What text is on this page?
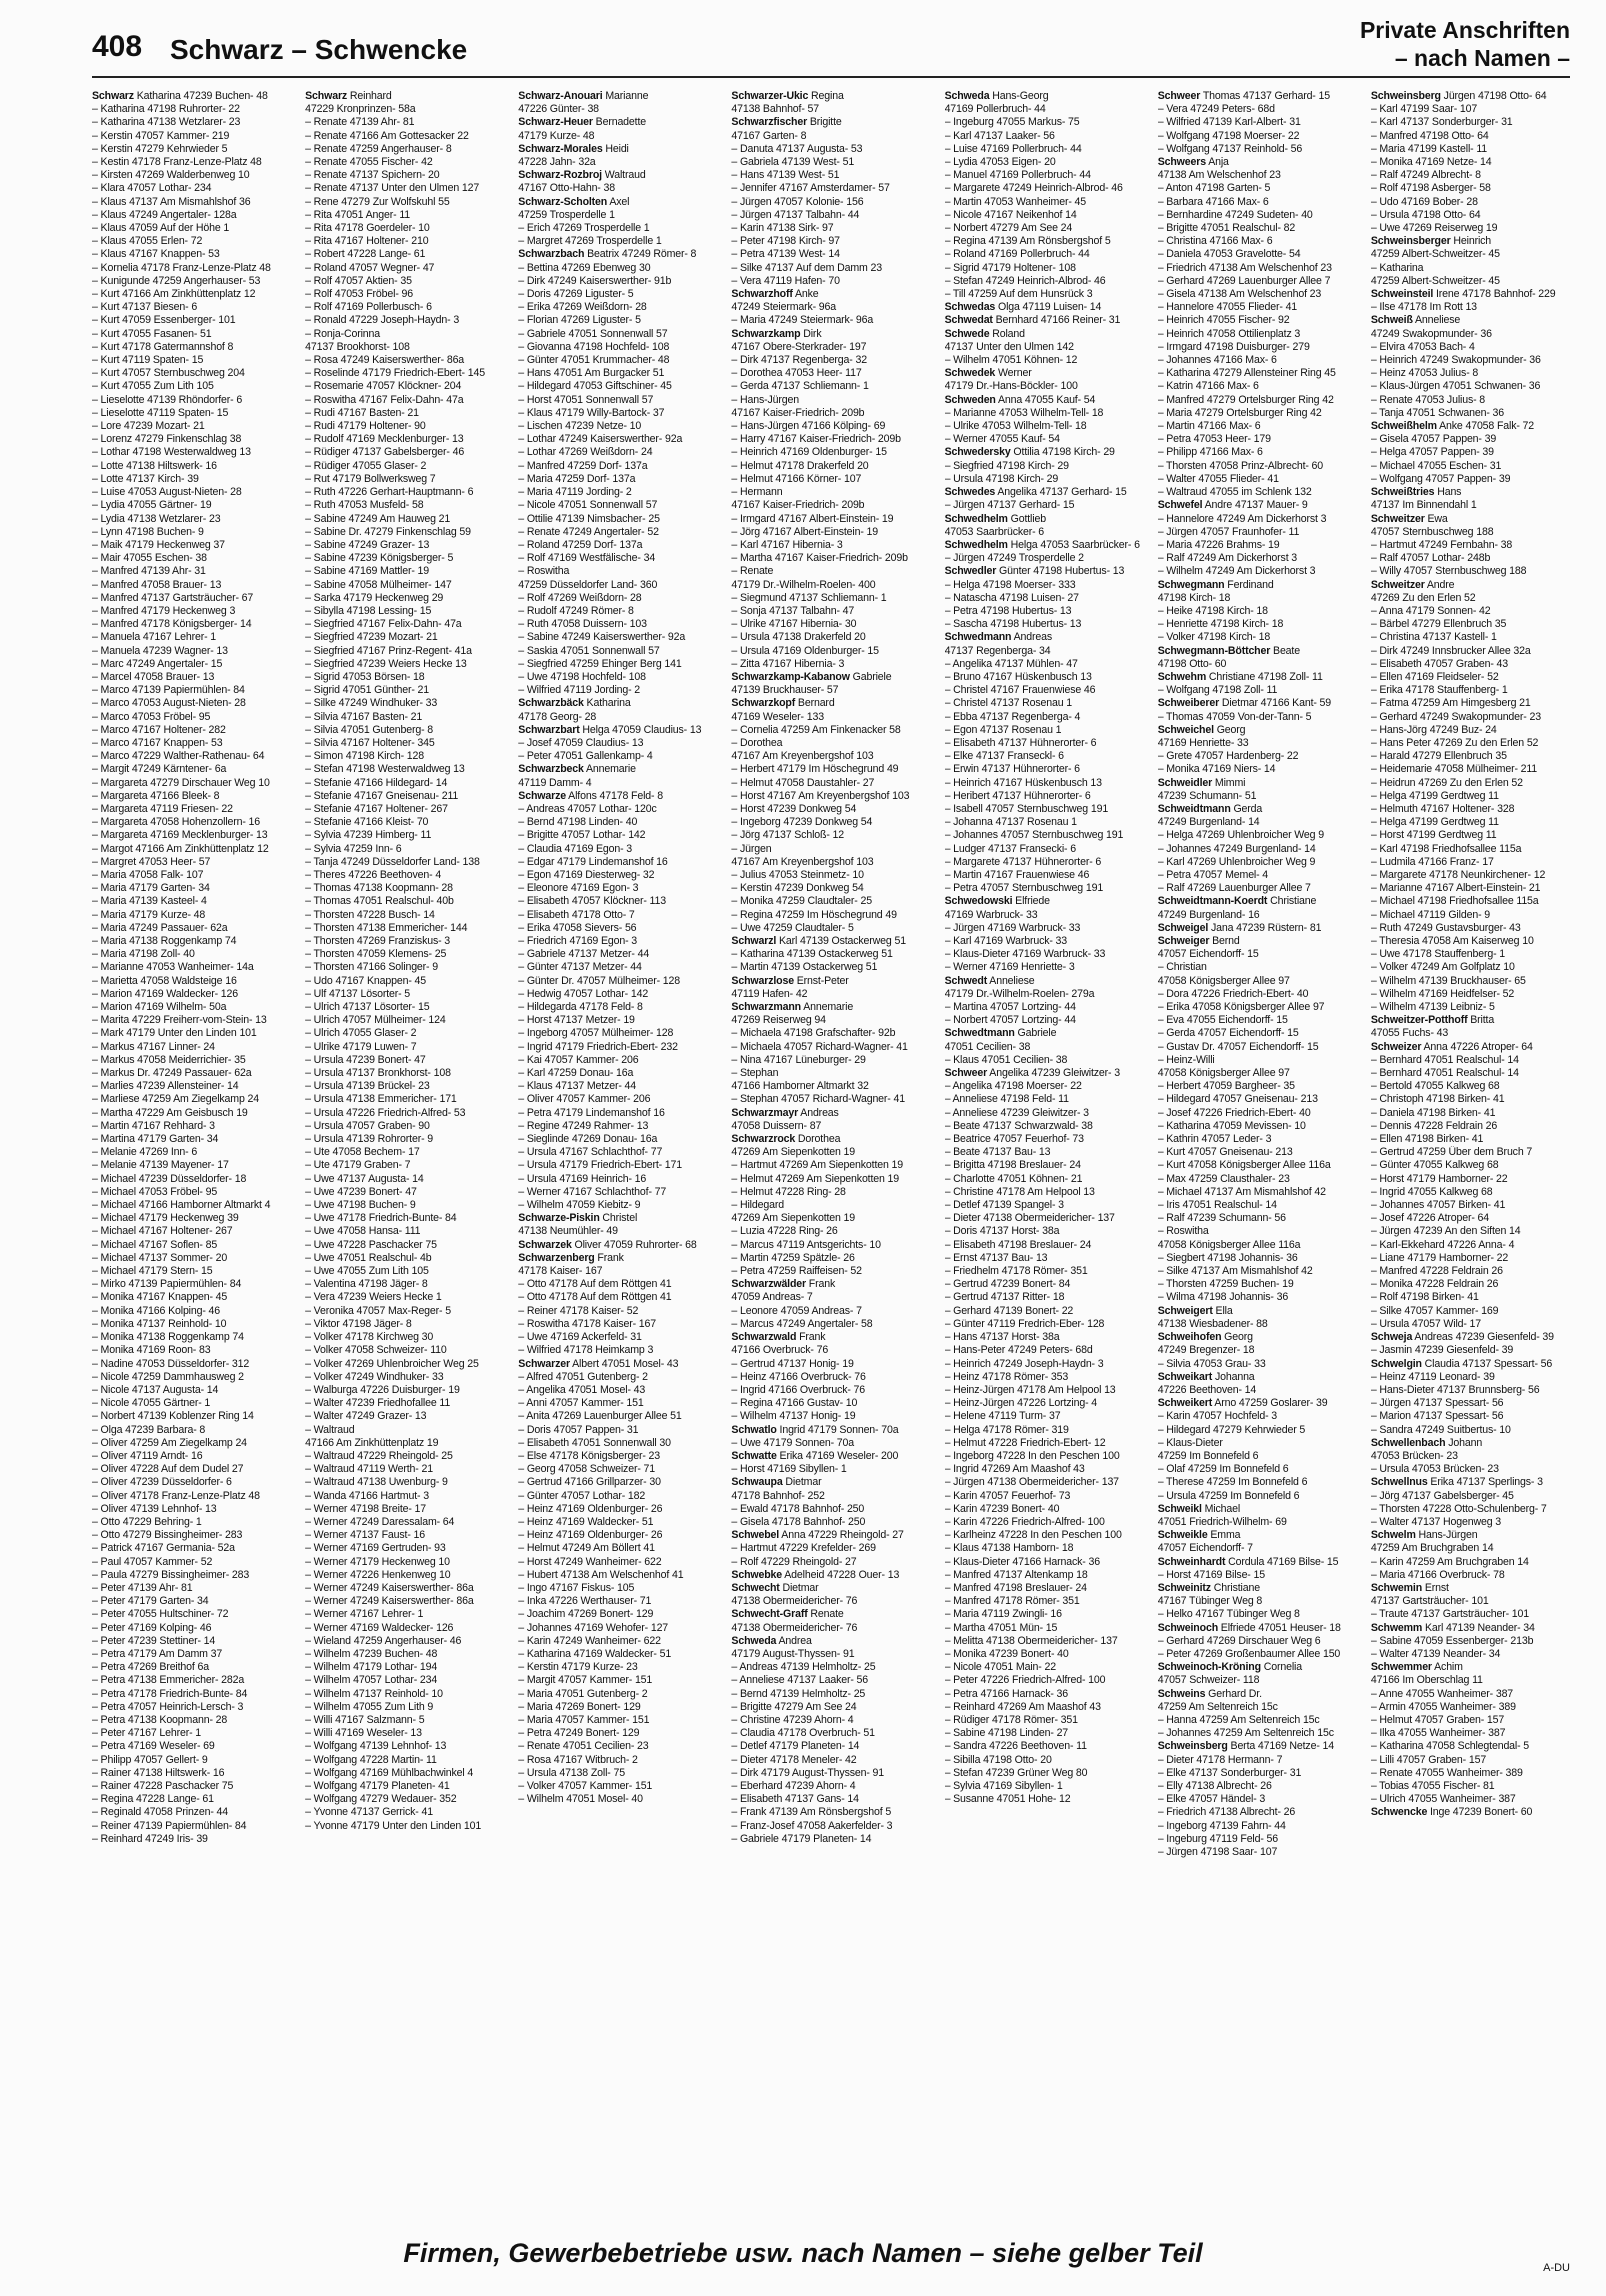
408 Schwarz – Schwencke
Private Anschriften
– nach Namen –
Schwarz Katharina 47239 Buchen- 48
– Katharina 47198 Ruhrorter- 22
– Katharina 47138 Wetzlarer- 23
– Kerstin 47057 Kammer- 219
– Kerstin 47279 Kehrwieder 5
– Kestin 47178 Franz-Lenze-Platz 48
– Kirsten 47269 Walderbenweg 10
– Klara 47057 Lothar- 234
– Klaus 47137 Am Mismahlshof 36
– Klaus 47249 Angertaler- 128a
– Klaus 47059 Auf der Höhe 1
– Klaus 47055 Erlen- 72
– Klaus 47167 Knappen- 53
– Kornelia 47178 Franz-Lenze-Platz 48
– Kunigunde 47259 Angerhauser- 53
– Kurt 47166 Am Zinkhüttenplatz 12
– Kurt 47137 Biesen- 6
– Kurt 47059 Essenberger- 101
– Kurt 47055 Fasanen- 51
– Kurt 47178 Gatermannshof 8
– Kurt 47119 Spaten- 15
– Kurt 47057 Sternbuschweg 204
– Kurt 47055 Zum Lith 105
– Lieselotte 47139 Rhöndorfer- 6
– Lieselotte 47119 Spaten- 15
– Lore 47239 Mozart- 21
– Lorenz 47279 Finkenschlag 38
– Lothar 47198 Westerwaldweg 13
– Lotte 47138 Hiltswerk- 16
– Lotte 47137 Kirch- 39
– Luise 47053 August-Nieten- 28
– Lydia 47055 Gärtner- 19
– Lydia 47138 Wetzlarer- 23
– Lynn 47198 Buchen- 9
– Maik 47179 Heckenweg 37
– Mair 47055 Eschen- 38
– Manfred 47139 Ahr- 31
– Manfred 47058 Brauer- 13
– Manfred 47137 Gartsträucher- 67
– Manfred 47179 Heckenweg 3
– Manfred 47178 Königsberger- 14
– Manuela 47167 Lehrer- 1
– Manuela 47239 Wagner- 13
– Marc 47249 Angertaler- 15
– Marcel 47058 Brauer- 13
– Marco 47139 Papiermühlen- 84
– Marco 47053 August-Nieten- 28
– Marco 47053 Fröbel- 95
– Marco 47167 Holtener- 282
– Marco 47167 Knappen- 53
– Marco 47229 Walther-Rathenau- 64
– Margit 47249 Kärntener- 6a
– Margareta 47279 Dirschauer Weg 10
– Margareta 47166 Bleek- 8
– Margareta 47119 Friesen- 22
– Margareta 47058 Hohenzollern- 16
– Margareta 47169 Mecklenburger- 13
– Margot 47166 Am Zinkhüttenplatz 12
– Margret 47053 Heer- 57
– Maria 47058 Falk- 107
– Maria 47179 Garten- 34
– Maria 47139 Kasteel- 4
– Maria 47179 Kurze- 48
– Maria 47249 Passauer- 62a
– Maria 47138 Roggenkamp 74
– Maria 47198 Zoll- 40
– Marianne 47053 Wanheimer- 14a
– Marietta 47058 Waldsteige 16
– Marion 47169 Waldecker- 126
– Marion 47169 Wilhelm- 50a
– Marita 47229 Freiherr-vom-Stein- 13
– Mark 47179 Unter den Linden 101
– Markus 47167 Linner- 24
– Markus 47058 Meiderrichier- 35
– Markus Dr. 47249 Passauer- 62a
– Marlies 47239 Allensteiner- 14
– Marliese 47259 Am Ziegelkamp 24
– Martha 47229 Am Geisbusch 19
– Martin 47167 Rehhard- 3
– Martina 47179 Garten- 34
– Melanie 47269 Inn- 6
– Melanie 47139 Mayener- 17
– Michael 47239 Düsseldorfer- 18
– Michael 47053 Fröbel- 95
– Michael 47166 Hamborner Altmarkt 4
– Michael 47179 Heckenweg 39
– Michael 47167 Holtener- 267
– Michael 47167 Soflen- 85
– Michael 47137 Sommer- 20
– Michael 47179 Stern- 15
– Mirko 47139 Papiermühlen- 84
– Monika 47167 Knappen- 45
– Monika 47166 Kolping- 46
– Monika 47137 Reinhold- 10
– Monika 47138 Roggenkamp 74
– Monika 47169 Roon- 83
– Nadine 47053 Düsseldorfer- 312
– Nicole 47259 Dammhausweg 2
– Nicole 47137 Augusta- 14
– Nicole 47055 Gärtner- 1
– Norbert 47139 Koblenzer Ring 14
– Olga 47239 Barbara- 8
– Oliver 47259 Am Ziegelkamp 24
– Oliver 47119 Arndt- 16
– Oliver 47228 Auf dem Dudel 27
– Oliver 47239 Düsseldorfer- 6
– Oliver 47178 Franz-Lenze-Platz 48
– Oliver 47139 Lehnhof- 13
– Otto 47229 Behring- 1
– Otto 47279 Bissingheimer- 283
– Patrick 47167 Germania- 52a
– Paul 47057 Kammer- 52
– Paula 47279 Bissingheimer- 283
– Peter 47139 Ahr- 81
– Peter 47179 Garten- 34
– Peter 47055 Hultschiner- 72
– Peter 47169 Kolping- 46
– Peter 47239 Stettiner- 14
– Petra 47179 Am Damm 37
– Petra 47269 Breithof 6a
– Petra 47138 Emmericher- 282a
– Petra 47178 Friedrich-Bunte- 84
– Petra 47057 Heinrich-Lersch- 3
– Petra 47138 Koopmann- 28
– Peter 47167 Lehrer- 1
– Petra 47169 Weseler- 69
– Philipp 47057 Gellert- 9
– Rainer 47138 Hiltswerk- 16
– Rainer 47228 Paschacker 75
– Regina 47228 Lange- 61
– Reginald 47058 Prinzen- 44
– Reiner 47139 Papiermühlen- 84
– Reinhard 47249 Iris- 39
Schwarz Reinhard
47229 Kronprinzen- 58a
– Renate 47139 Ahr- 81
– Renate 47166 Am Gottesacker 22
– Renate 47259 Angerhauser- 8
– Renate 47055 Fischer- 42
– Renate 47137 Spichern- 20
– Renate 47137 Unter den Ulmen 127
– Rene 47279 Zur Wolfskuhl 55
– Rita 47051 Anger- 11
– Rita 47178 Goerdeler- 10
– Rita 47167 Holtener- 210
– Robert 47228 Lange- 61
– Roland 47057 Wegner- 47
– Rolf 47057 Aktien- 35
– Rolf 47053 Fröbel- 96
– Rolf 47169 Pollerbusch- 6
– Ronald 47229 Joseph-Haydn- 3
– Ronja-Corinna
47137 Brookhorst- 108
– Rosa 47249 Kaiserswerther- 86a
– Roselinde 47179 Friedrich-Ebert- 145
– Rosemarie 47057 Klöckner- 204
– Roswitha 47167 Felix-Dahn- 47a
– Rudi 47167 Basten- 21
– Rudi 47179 Holtener- 90
– Rudolf 47169 Mecklenburger- 13
– Rüdiger 47137 Gabelsberger- 46
– Rüdiger 47055 Glaser- 2
– Rut 47179 Bollwerksweg 7
– Ruth 47226 Gerhart-Hauptmann- 6
– Ruth 47053 Musfeld- 58
– Sabine 47249 Am Hauweg 21
– Sabine Dr. 47279 Finkenschlag 59
– Sabine 47249 Grazer- 13
– Sabine 47239 Königsberger- 5
– Sabine 47169 Mattler- 19
– Sabine 47058 Mülheimer- 147
– Sarka 47179 Heckenweg 29
– Sibylla 47198 Lessing- 15
– Siegfried 47167 Felix-Dahn- 47a
– Siegfried 47239 Mozart- 21
– Siegfried 47167 Prinz-Regent- 41a
– Siegfried 47239 Weiers Hecke 13
– Sigrid 47053 Börsen- 18
– Sigrid 47051 Günther- 21
– Silke 47249 Windhuker- 33
– Silvia 47167 Basten- 21
– Silvia 47051 Gutenberg- 8
– Silvia 47167 Holtener- 345
– Simon 47198 Kirch- 128
– Stefan 47198 Westerwaldweg 13
– Stefanie 47166 Hildegard- 14
– Stefanie 47167 Gneisenau- 211
– Stefanie 47167 Holtener- 267
– Stefanie 47166 Kleist- 70
– Sylvia 47239 Himberg- 11
– Sylvia 47259 Inn- 6
– Tanja 47249 Düsseldorfer Land- 138
– Theres 47226 Beethoven- 4
– Thomas 47138 Koopmann- 28
– Thomas 47051 Realschul- 40b
– Thorsten 47228 Busch- 14
– Thorsten 47138 Emmericher- 144
– Thorsten 47269 Franziskus- 3
– Thorsten 47059 Klemens- 25
– Thorsten 47166 Solinger- 9
– Udo 47167 Knappen- 45
– Ulf 47137 Lösorter- 5
– Ulrich 47137 Lösorter- 15
– Ulrich 47057 Mülheimer- 124
– Ulrich 47055 Glaser- 2
– Ulrike 47179 Luwen- 7
– Ursula 47239 Bonert- 47
– Ursula 47137 Bronkhorst- 108
– Ursula 47139 Brückel- 23
– Ursula 47138 Emmericher- 171
– Ursula 47226 Friedrich-Alfred- 53
– Ursula 47057 Graben- 90
– Ursula 47139 Rohrorter- 9
– Ute 47058 Bechem- 17
– Ute 47179 Graben- 7
– Uwe 47137 Augusta- 14
– Uwe 47239 Bonert- 47
– Uwe 47198 Buchen- 9
– Uwe 47178 Friedrich-Bunte- 84
– Uwe 47058 Hansa- 111
– Uwe 47228 Paschacker 75
– Uwe 47051 Realschul- 4b
– Uwe 47055 Zum Lith 105
– Valentina 47198 Jäger- 8
– Vera 47239 Weiers Hecke 1
– Veronika 47057 Max-Reger- 5
– Viktor 47198 Jäger- 8
– Volker 47178 Kirchweg 30
– Volker 47058 Schweizer- 110
– Volker 47269 Uhlenbroicher Weg 25
– Volker 47249 Windhuker- 33
– Walburga 47226 Duisburger- 19
– Walter 47239 Friedhofallee 11
– Walter 47249 Grazer- 13
– Waltraud
47166 Am Zinkhüttenplatz 19
– Waltraud 47229 Rheingold- 25
– Waltraud 47119 Werth- 21
– Waltraud 47138 Uwenburg- 9
– Wanda 47166 Hartmut- 3
– Werner 47198 Breite- 17
– Werner 47249 Daressalam- 64
– Werner 47137 Faust- 16
– Werner 47169 Gertruden- 93
– Werner 47179 Heckenweg 10
– Werner 47226 Henkenweg 10
– Werner 47249 Kaiserswerther- 86a
– Werner 47249 Kaiserswerther- 86a
– Werner 47167 Lehrer- 1
– Werner 47169 Waldecker- 126
– Wieland 47259 Angerhauser- 46
– Wilhelm 47239 Buchen- 48
– Wilhelm 47179 Lothar- 194
– Wilhelm 47057 Lothar- 234
– Wilhelm 47137 Reinhold- 10
– Wilhelm 47055 Zum Lith 9
– Willi 47167 Salzmann- 5
– Willi 47169 Weseler- 13
– Wolfgang 47139 Lehnhof- 13
– Wolfgang 47228 Martin- 11
– Wolfgang 47169 Mühlbachwinkel 4
– Wolfgang 47179 Planeten- 41
– Wolfgang 47279 Wedauer- 352
– Yvonne 47137 Gerrick- 41
– Yvonne 47179 Unter den Linden 101
Schwarz-Anouari Marianne
47226 Günter- 38
Schwarz-Heuer Bernadette
47179 Kurze- 48
Schwarz-Morales Heidi
47228 Jahn- 32a
Schwarz-Rozbroj Waltraud
47167 Otto-Hahn- 38
Schwarz-Scholten Axel
47259 Trosperdelle 1
– Erich 47269 Trosperdelle 1
– Margret 47269 Trosperdelle 1
Schwarzbach Beatrix 47249 Römer- 8
– Bettina 47269 Ebenweg 30
– Dirk 47249 Kaiserswerther- 91b
– Doris 47269 Liguster- 5
– Erika 47269 Weißdorn- 28
– Florian 47269 Liguster- 5
– Gabriele 47051 Sonnenwall 57
– Giovanna 47198 Hochfeld- 108
– Günter 47051 Krummacher- 48
– Hans 47051 Am Burgacker 51
– Hildegard 47053 Giftschiner- 45
– Horst 47051 Sonnenwall 57
– Klaus 47179 Willy-Bartock- 37
– Lischen 47239 Netze- 10
– Lothar 47249 Kaiserswerther- 92a
– Lothar 47269 Weißdorn- 24
– Manfred 47259 Dorf- 137a
– Maria 47259 Dorf- 137a
– Maria 47119 Jording- 2
– Nicole 47051 Sonnenwall 57
– Ottilie 47139 Nimsbacher- 25
– Renate 47249 Angertaler- 52
– Roland 47259 Dorf- 137a
– Rolf 47169 Westfälische- 34
– Roswitha
47259 Düsseldorfer Land- 360
– Rolf 47269 Weißdorn- 28
– Rudolf 47249 Römer- 8
– Ruth 47058 Duissern- 103
– Sabine 47249 Kaiserswerther- 92a
– Saskia 47051 Sonnenwall 57
– Siegfried 47259 Ehinger Berg 141
– Uwe 47198 Hochfeld- 108
– Wilfried 47119 Jording- 2
Schwarzbäck Katharina
47178 Georg- 28
Schwarzbart Helga 47059 Claudius- 13
– Josef 47059 Claudius- 13
– Peter 47051 Gallenkamp- 4
Schwarzbeck Annemarie
47119 Damm- 4
Schwarze Alfons 47178 Feld- 8
– Andreas 47057 Lothar- 120c
– Bernd 47198 Linden- 40
– Brigitte 47057 Lothar- 142
– Claudia 47169 Egon- 3
– Edgar 47179 Lindemanshof 16
– Egon 47169 Diesterweg- 32
– Eleonore 47169 Egon- 3
– Elisabeth 47057 Klöckner- 113
– Elisabeth 47178 Otto- 7
– Erika 47058 Sievers- 56
– Friedrich 47169 Egon- 3
– Gabriele 47137 Metzer- 44
– Günter 47137 Metzer- 44
– Günter Dr. 47057 Mülheimer- 128
– Hedwig 47057 Lothar- 142
– Hildegarda 47178 Feld- 8
– Horst 47137 Metzer- 19
– Ingeborg 47057 Mülheimer- 128
– Ingrid 47179 Friedrich-Ebert- 232
– Kai 47057 Kammer- 206
– Karl 47259 Donau- 16a
– Klaus 47137 Metzer- 44
– Oliver 47057 Kammer- 206
– Petra 47179 Lindemanshof 16
– Regine 47249 Rahmer- 13
– Sieglinde 47269 Donau- 16a
– Ursula 47167 Schlachthof- 77
– Ursula 47179 Friedrich-Ebert- 171
– Ursula 47169 Heinrich- 16
– Werner 47167 Schlachthof- 77
– Wilhelm 47059 Kiebitz- 9
Schwarze-Piskin Christel
47138 Neumühler- 49
Schwarzek Oliver 47059 Ruhrorter- 68
Schwarzenberg Frank
47178 Kaiser- 167
– Otto 47178 Auf dem Röttgen 41
– Otto 47178 Auf dem Röttgen 41
– Reiner 47178 Kaiser- 52
– Roswitha 47178 Kaiser- 167
– Uwe 47169 Ackerfeld- 31
– Wilfried 47178 Heimkamp 3
Schwarzer Albert 47051 Mosel- 43
– Alfred 47051 Gutenberg- 2
– Angelika 47051 Mosel- 43
– Anni 47057 Kammer- 151
– Anita 47269 Lauenburger Allee 51
– Doris 47057 Pappen- 31
– Elisabeth 47051 Sonnenwall 30
– Else 47178 Königsberger- 23
– Georg 47058 Schweizer- 71
– Gertrud 47166 Grillparzer- 30
– Günter 47057 Lothar- 182
– Heinz 47169 Oldenburger- 26
– Heinz 47169 Waldecker- 51
– Heinz 47169 Oldenburger- 26
– Helmut 47249 Am Böllert 41
– Horst 47249 Wanheimer- 622
– Hubert 47138 Am Welschenhof 41
– Ingo 47167 Fiskus- 105
– Inka 47226 Werthauser- 71
– Joachim 47269 Bonert- 129
– Johannes 47169 Wehofer- 127
– Karin 47249 Wanheimer- 622
– Katharina 47169 Waldecker- 51
– Kerstin 47179 Kurze- 23
– Margit 47057 Kammer- 151
– Maria 47051 Gutenberg- 2
– Maria 47269 Bonert- 129
– Maria 47057 Kammer- 151
– Petra 47249 Bonert- 129
– Renate 47051 Cecilien- 23
– Rosa 47167 Witbruch- 2
– Ursula 47138 Zoll- 75
– Volker 47057 Kammer- 151
– Wilhelm 47051 Mosel- 40
Schwarzer-Ukic Regina
47138 Bahnhof- 57
Schwarzfischer Brigitte
47167 Garten- 8
– Danuta 47137 Augusta- 53
– Gabriela 47139 West- 51
– Hans 47139 West- 51
– Jennifer 47167 Amsterdamer- 57
– Jürgen 47057 Kolonie- 156
– Jürgen 47137 Talbahn- 44
– Karin 47138 Sirk- 97
– Peter 47198 Kirch- 97
– Petra 47139 West- 14
– Silke 47137 Auf dem Damm 23
– Vera 47119 Hafen- 70
Schwarzhoff Anke
47249 Steiermark- 96a
– Maria 47249 Steiermark- 96a
Schwarzkamp Dirk
47167 Obere-Sterkrader- 197
– Dirk 47137 Regenberga- 32
– Dorothea 47053 Heer- 117
– Gerda 47137 Schliemann- 1
– Hans-Jürgen
47167 Kaiser-Friedrich- 209b
– Hans-Jürgen 47166 Kölping- 69
– Harry 47167 Kaiser-Friedrich- 209b
– Heinrich 47169 Oldenburger- 15
– Helmut 47178 Drakerfeld 20
– Helmut 47166 Körner- 107
– Hermann
47167 Kaiser-Friedrich- 209b
– Irmgard 47167 Albert-Einstein- 19
– Jörg 47167 Albert-Einstein- 19
– Karl 47167 Hibernia- 3
– Martha 47167 Kaiser-Friedrich- 209b
– Renate
47179 Dr.-Wilhelm-Roelen- 400
– Siegmund 47137 Schliemann- 1
– Sonja 47137 Talbahn- 47
– Ulrike 47167 Hibernia- 30
– Ursula 47138 Drakerfeld 20
– Ursula 47169 Oldenburger- 15
– Zitta 47167 Hibernia- 3
Schwarzkamp-Kabanow Gabriele
47139 Bruckhauser- 57
Schwarzkopf Bernard
47169 Weseler- 133
– Cornelia 47259 Am Finkenacker 58
– Dorothea
47167 Am Kreyenbergshof 103
– Herbert 47179 Im Höschegrund 49
– Helmut 47058 Daustahler- 27
– Horst 47167 Am Kreyenbergshof 103
– Horst 47239 Donkweg 54
– Ingeborg 47239 Donkweg 54
– Jörg 47137 Schloß- 12
– Jürgen
47167 Am Kreyenbergshof 103
– Julius 47053 Steinmetz- 10
– Kerstin 47239 Donkweg 54
– Monika 47259 Claudtaler- 25
– Regina 47259 Im Höschegrund 49
– Uwe 47259 Claudtaler- 5
Schwarzl Karl 47139 Ostackerweg 51
– Katharina 47139 Ostackerweg 51
– Martin 47139 Ostackerweg 51
Schwarzlose Ernst-Peter
47119 Hafen- 42
Schwarzmann Annemarie
47269 Reiserweg 94
– Michaela 47198 Grafschafter- 92b
– Michaela 47057 Richard-Wagner- 41
– Nina 47167 Lüneburger- 29
– Stephan
47166 Hamborner Altmarkt 32
– Stephan 47057 Richard-Wagner- 41
Schwarzmayr Andreas
47058 Duissern- 87
Schwarzrock Dorothea
47269 Am Siepenkotten 19
– Hartmut 47269 Am Siepenkotten 19
– Helmut 47269 Am Siepenkotten 19
– Helmut 47228 Ring- 28
– Hildegard
47269 Am Siepenkotten 19
– Luzia 47228 Ring- 26
– Marcus 47119 Antsgerichts- 10
– Martin 47259 Spätzle- 26
– Petra 47259 Raiffeisen- 52
Schwarzwälder Frank
47059 Andreas- 7
– Leonore 47059 Andreas- 7
– Marcus 47249 Angertaler- 58
Schwarzwald Frank
47166 Overbruck- 76
– Gertrud 47137 Honig- 19
– Heinz 47166 Overbruck- 76
– Ingrid 47166 Overbruck- 76
– Regina 47166 Gustav- 10
– Wilhelm 47137 Honig- 19
Schwatlo Ingrid 47179 Sonnen- 70a
– Uwe 47179 Sonnen- 70a
Schwatte Erika 47169 Weseler- 200
– Horst 47169 Sibyllen- 1
Schwaupa Dietmar
47178 Bahnhof- 252
– Ewald 47178 Bahnhof- 250
– Gisela 47178 Bahnhof- 250
Schwebel Anna 47229 Rheingold- 27
– Hartmut 47229 Krefelder- 269
– Rolf 47229 Rheingold- 27
Schwebke Adelheid 47228 Ouer- 13
Schwecht Dietmar
47138 Obermeidericher- 76
Schwecht-Graff Renate
47138 Obermeidericher- 76
Schweda Andrea
47179 August-Thyssen- 91
– Andreas 47139 Helmholtz- 25
– Anneliese 47137 Laaker- 56
– Bernd 47139 Helmholtz- 25
– Brigitte 47279 Am See 24
– Christine 47239 Ahorn- 4
– Claudia 47178 Overbruch- 51
– Detlef 47179 Planeten- 14
– Dieter 47178 Meneler- 42
– Dirk 47179 August-Thyssen- 91
– Eberhard 47239 Ahorn- 4
– Elisabeth 47137 Gans- 14
– Frank 47139 Am Rönsbergshof 5
– Franz-Josef 47058 Aakerfelder- 3
– Gabriele 47179 Planeten- 14
Schweda Hans-Georg
47169 Pollerbruch- 44
– Ingeburg 47055 Markus- 75
– Karl 47137 Laaker- 56
– Luise 47169 Pollerbruch- 44
– Lydia 47053 Eigen- 20
– Manuel 47169 Pollerbruch- 44
– Margarete 47249 Heinrich-Albrod- 46
– Martin 47053 Wanheimer- 45
– Nicole 47167 Neikenhof 14
– Norbert 47279 Am See 24
– Regina 47139 Am Rönsbergshof 5
– Roland 47169 Pollerbruch- 44
– Sigrid 47179 Holtener- 108
– Stefan 47249 Heinrich-Albrod- 46
– Till 47259 Auf dem Hunsrück 3
Schwedas Olga 47119 Luisen- 14
Schwedat Bernhard 47166 Reiner- 31
Schwede Roland
47137 Unter den Ulmen 142
– Wilhelm 47051 Köhnen- 12
Schwedek Werner
47179 Dr.-Hans-Böckler- 100
Schweden Anna 47055 Kauf- 54
– Marianne 47053 Wilhelm-Tell- 18
– Ulrike 47053 Wilhelm-Tell- 18
– Werner 47055 Kauf- 54
Schwedersky Ottilia 47198 Kirch- 29
– Siegfried 47198 Kirch- 29
– Ursula 47198 Kirch- 29
Schwedes Angelika 47137 Gerhard- 15
– Jürgen 47137 Gerhard- 15
Schwedhelm Gottlieb
47053 Saarbrücker- 6
Schwedhelm Helga 47053 Saarbrücker- 6
– Jürgen 47249 Trosperdelle 2
Schwedler Günter 47198 Hubertus- 13
– Helga 47198 Moerser- 333
– Natascha 47198 Luisen- 27
– Petra 47198 Hubertus- 13
– Sascha 47198 Hubertus- 13
Schwedmann Andreas
47137 Regenberga- 34
– Angelika 47137 Mühlen- 47
– Bruno 47167 Hüskenbusch 13
– Christel 47167 Frauenwiese 46
– Christel 47137 Rosenau 1
– Ebba 47137 Regenberga- 4
– Egon 47137 Rosenau 1
– Elisabeth 47137 Hühnerorter- 6
– Elke 47137 Franseckl- 6
– Erwin 47137 Hühnerorter- 6
– Heinrich 47167 Hüskenbusch 13
– Heribert 47137 Hühnerorter- 6
– Isabell 47057 Sternbuschweg 191
– Johanna 47137 Rosenau 1
– Johannes 47057 Sternbuschweg 191
– Ludger 47137 Fransecki- 6
– Margarete 47137 Hühnerorter- 6
– Martin 47167 Frauenwiese 46
– Petra 47057 Sternbuschweg 191
Schwedowski Elfriede
47169 Warbruck- 33
– Jürgen 47169 Warbruck- 33
– Karl 47169 Warbruck- 33
– Klaus-Dieter 47169 Warbruck- 33
– Werner 47169 Henriette- 3
Schwedt Anneliese
47179 Dr.-Wilhelm-Roelen- 279a
– Martina 47057 Lortzing- 44
– Norbert 47057 Lortzing- 44
Schwedtmann Gabriele
47051 Cecilien- 38
– Klaus 47051 Cecilien- 38
Schweer Angelika 47239 Gleiwitzer- 3
– Angelika 47198 Moerser- 22
– Anneliese 47198 Feld- 11
– Anneliese 47239 Gleiwitzer- 3
– Beate 47137 Schwarzwald- 38
– Beatrice 47057 Feuerhof- 73
– Beate 47137 Bau- 13
– Brigitta 47198 Breslauer- 24
– Charlotte 47051 Köhnen- 21
– Christine 47178 Am Helpool 13
– Detlef 47139 Spangel- 3
– Dieter 47138 Obermeidericher- 137
– Doris 47137 Horst- 38a
– Elisabeth 47198 Breslauer- 24
– Ernst 47137 Bau- 13
– Friedhelm 47178 Römer- 351
– Gertrud 47239 Bonert- 84
– Gertrud 47137 Ritter- 18
– Gerhard 47139 Bonert- 22
– Günter 47119 Fredrich-Eber- 128
– Hans 47137 Horst- 38a
– Hans-Peter 47249 Peters- 68d
– Heinrich 47249 Joseph-Haydn- 3
– Heinz 47178 Römer- 353
– Heinz-Jürgen 47178 Am Helpool 13
– Heinz-Jürgen 47226 Lortzing- 4
– Helene 47119 Turm- 37
– Helga 47178 Römer- 319
– Helmut 47228 Friedrich-Ebert- 12
– Ingeborg 47228 In den Peschen 100
– Ingrid 47269 Am Maashof 43
– Jürgen 47138 Obermeidericher- 137
– Karin 47057 Feuerhof- 73
– Karin 47239 Bonert- 40
– Karin 47226 Friedrich-Alfred- 100
– Karlheinz 47228 In den Peschen 100
– Klaus 47138 Hamborn- 18
– Klaus-Dieter 47166 Harnack- 36
– Manfred 47137 Altenkamp 18
– Manfred 47198 Breslauer- 24
– Manfred 47178 Römer- 351
– Maria 47119 Zwingli- 16
– Martha 47051 Mün- 15
– Melitta 47138 Obermeidericher- 137
– Monika 47239 Bonert- 40
– Nicole 47051 Main- 22
– Peter 47226 Friedrich-Alfred- 100
– Petra 47166 Harnack- 36
– Reinhard 47269 Am Maashof 43
– Rüdiger 47178 Römer- 351
– Sabine 47198 Linden- 27
– Sandra 47226 Beethoven- 11
– Sibilla 47198 Otto- 20
– Stefan 47239 Grüner Weg 80
– Sylvia 47169 Sibyllen- 1
– Susanne 47051 Hohe- 12
Schweer Thomas 47137 Gerhard- 15
– Vera 47249 Peters- 68d
– Wilfried 47139 Karl-Albert- 31
– Wolfgang 47198 Moerser- 22
– Wolfgang 47137 Reinhold- 56
Schweers Anja
47138 Am Welschenhof 23
– Anton 47198 Garten- 5
– Barbara 47166 Max- 6
– Bernhardine 47249 Sudeten- 40
– Brigitte 47051 Realschul- 82
– Christina 47166 Max- 6
– Daniela 47053 Gravelotte- 54
– Friedrich 47138 Am Welschenhof 23
– Gerhard 47269 Lauenburger Allee 7
– Gisela 47138 Am Welschenhof 23
– Hannelore 47055 Flieder- 41
– Heinrich 47055 Fischer- 92
– Heinrich 47058 Ottilienplatz 3
– Irmgard 47198 Duisburger- 279
– Johannes 47166 Max- 6
– Katharina 47279 Allensteiner Ring 45
– Katrin 47166 Max- 6
– Manfred 47279 Ortelsburger Ring 42
– Maria 47279 Ortelsburger Ring 42
– Martin 47166 Max- 6
– Petra 47053 Heer- 179
– Philipp 47166 Max- 6
– Thorsten 47058 Prinz-Albrecht- 60
– Walter 47055 Flieder- 41
– Waltraud 47055 im Schlenk 132
Schwefel Andre 47137 Mauer- 9
– Hannelore 47249 Am Dickerhorst 3
– Jürgen 47057 Fraunhofer- 11
– Maria 47226 Brahms- 19
– Ralf 47249 Am Dickerhorst 3
– Wilhelm 47249 Am Dickerhorst 3
Schwegmann Ferdinand
47198 Kirch- 18
– Heike 47198 Kirch- 18
– Henriette 47198 Kirch- 18
– Volker 47198 Kirch- 18
Schwegmann-Böttcher Beate
47198 Otto- 60
Schwehm Christiane 47198 Zoll- 11
– Wolfgang 47198 Zoll- 11
Schweiberer Dietmar 47166 Kant- 59
– Thomas 47059 Von-der-Tann- 5
Schweichel Georg
47169 Henriette- 33
– Grete 47057 Hardenberg- 22
– Monika 47169 Niers- 14
Schweidler Mimmi
47239 Schumann- 51
Schweidtmann Gerda
47249 Burgenland- 14
– Helga 47269 Uhlenbroicher Weg 9
– Johannes 47249 Burgenland- 14
– Karl 47269 Uhlenbroicher Weg 9
– Petra 47057 Memel- 4
– Ralf 47269 Lauenburger Allee 7
Schweidtmann-Koerdt Christiane
47249 Burgenland- 16
Schweigel Jana 47239 Rüstern- 81
Schweiger Bernd
47057 Eichendorff- 15
– Christian
47058 Königsberger Allee 97
– Dora 47226 Friedrich-Ebert- 40
– Erika 47058 Königsberger Allee 97
– Eva 47055 Eichendorff- 15
– Gerda 47057 Eichendorff- 15
– Gustav Dr. 47057 Eichendorff- 15
– Heinz-Willi
47058 Königsberger Allee 97
– Herbert 47059 Bargheer- 35
– Hildegard 47057 Gneisenau- 213
– Josef 47226 Friedrich-Ebert- 40
– Katharina 47059 Mevissen- 10
– Kathrin 47057 Leder- 3
– Kurt 47057 Gneisenau- 213
– Kurt 47058 Königsberger Allee 116a
– Max 47259 Clausthaler- 23
– Michael 47137 Am Mismahlshof 42
– Iris 47051 Realschul- 14
– Ralf 47239 Schumann- 56
– Roswitha
47058 Königsberger Allee 116a
– Siegbert 47198 Johannis- 36
– Silke 47137 Am Mismahlshof 42
– Thorsten 47259 Buchen- 19
– Wilma 47198 Johannis- 36
Schweigert Ella
47138 Wiesbadener- 88
Schweihofen Georg
47249 Bregenzer- 18
– Silvia 47053 Grau- 33
Schweikart Johanna
47226 Beethoven- 14
Schweikert Arno 47259 Goslarer- 39
– Karin 47057 Hochfeld- 3
– Hildegard 47279 Kehrwieder 5
– Klaus-Dieter
47259 Im Bonnefeld 6
– Olaf 47259 Im Bonnefeld 6
– Therese 47259 Im Bonnefeld 6
– Ursula 47259 Im Bonnefeld 6
Schweikl Michael
47051 Friedrich-Wilhelm- 69
Schweikle Emma
47057 Eichendorff- 7
Schweinhardt Cordula 47169 Bilse- 15
– Horst 47169 Bilse- 15
Schweinitz Christiane
47167 Tübinger Weg 8
– Helko 47167 Tübinger Weg 8
Schweinoch Elfriede 47051 Heuser- 18
– Gerhard 47269 Dirschauer Weg 6
– Peter 47269 Großenbaumer Allee 150
Schweinoch-Kröning Cornelia
47057 Schweizer- 118
Schweins Gerhard Dr.
47259 Am Seltenreich 15c
– Hanna 47259 Am Seltenreich 15c
– Johannes 47259 Am Seltenreich 15c
Schweinsberg Berta 47169 Netze- 14
– Dieter 47178 Hermann- 7
– Elke 47137 Sonderburger- 31
– Elly 47138 Albrecht- 26
– Elke 47057 Händel- 3
– Friedrich 47138 Albrecht- 26
– Ingeborg 47139 Fahrn- 44
– Ingeburg 47119 Feld- 56
– Jürgen 47198 Saar- 107
Schweinsberg Jürgen 47198 Otto- 64
– Karl 47199 Saar- 107
– Karl 47137 Sonderburger- 31
– Manfred 47198 Otto- 64
– Maria 47199 Kastell- 11
– Monika 47169 Netze- 14
– Ralf 47249 Albrecht- 8
– Rolf 47198 Asberger- 58
– Udo 47169 Bober- 28
– Ursula 47198 Otto- 64
– Uwe 47269 Reiserweg 19
Schweinsberger Heinrich
47259 Albert-Schweitzer- 45
– Katharina
47259 Albert-Schweitzer- 45
Schweinsteil Irene 47178 Bahnhof- 229
– Ilse 47178 Im Rott 13
Schweiß Anneliese
47249 Swakopmunder- 36
– Elvira 47053 Bach- 4
– Heinrich 47249 Swakopmunder- 36
– Heinz 47053 Julius- 8
– Klaus-Jürgen 47051 Schwanen- 36
– Renate 47053 Julius- 8
– Tanja 47051 Schwanen- 36
Schweißhelm Anke 47058 Falk- 72
– Gisela 47057 Pappen- 39
– Helga 47057 Pappen- 39
– Michael 47055 Eschen- 31
– Wolfgang 47057 Pappen- 39
Schweißtries Hans
47137 Im Binnendahl 1
Schweitzer Ewa
47057 Sternbuschweg 188
– Hartmut 47249 Fernbahn- 38
– Ralf 47057 Lothar- 248b
– Willy 47057 Sternbuschweg 188
Schweitzer Andre
47269 Zu den Erlen 52
– Anna 47179 Sonnen- 42
– Bärbel 47279 Ellenbruch 35
– Christina 47137 Kastell- 1
– Dirk 47249 Innsbrucker Allee 32a
– Elisabeth 47057 Graben- 43
– Ellen 47169 Fleidseler- 52
– Erika 47178 Stauffenberg- 1
– Fatma 47259 Am Himgesberg 21
– Gerhard 47249 Swakopmunder- 23
– Hans-Jörg 47249 Buz- 24
– Hans Peter 47269 Zu den Erlen 52
– Harald 47279 Ellenbruch 35
– Heidemarie 47058 Mülheimer- 211
– Heidrun 47269 Zu den Erlen 52
– Helga 47199 Gerdtweg 11
– Helmuth 47167 Holtener- 328
– Helga 47199 Gerdtweg 11
– Horst 47199 Gerdtweg 11
– Karl 47198 Friedhofsallee 115a
– Ludmila 47166 Franz- 17
– Margarete 47178 Neunkirchener- 12
– Marianne 47167 Albert-Einstein- 21
– Michael 47198 Friedhofsallee 115a
– Michael 47119 Gilden- 9
– Ruth 47249 Gustavsburger- 43
– Theresia 47058 Am Kaiserweg 10
– Uwe 47178 Stauffenberg- 1
– Volker 47249 Am Golfplatz 10
– Wilhelm 47139 Bruckhauser- 65
– Wilhelm 47169 Heidfelser- 52
– Wilhelm 47139 Leibniz- 5
Schweitzer-Potthoff Britta
47055 Fuchs- 43
Schweizer Anna 47226 Atroper- 64
– Bernhard 47051 Realschul- 14
– Bernhard 47051 Realschul- 14
– Bertold 47055 Kalkweg 68
– Christoph 47198 Birken- 41
– Daniela 47198 Birken- 41
– Dennis 47228 Feldrain 26
– Ellen 47198 Birken- 41
– Gertrud 47259 Über dem Bruch 7
– Günter 47055 Kalkweg 68
– Horst 47179 Hamborner- 22
– Ingrid 47055 Kalkweg 68
– Johannes 47057 Birken- 41
– Josef 47226 Atroper- 64
– Jürgen 47239 An den Siften 14
– Karl-Ekkehard 47226 Anna- 4
– Liane 47179 Hamborner- 22
– Manfred 47228 Feldrain 26
– Monika 47228 Feldrain 26
– Rolf 47198 Birken- 41
– Silke 47057 Kammer- 169
– Ursula 47057 Wild- 17
Schweja Andreas 47239 Giesenfeld- 39
– Jasmin 47239 Giesenfeld- 39
Schwelgin Claudia 47137 Spessart- 56
– Heinz 47119 Leonard- 39
– Hans-Dieter 47137 Brunnsberg- 56
– Jürgen 47137 Spessart- 56
– Marion 47137 Spessart- 56
– Sandra 47249 Suitbertus- 10
Schwellenbach Johann
47053 Brücken- 23
– Ursula 47053 Brücken- 23
Schwellnus Erika 47137 Sperlings- 3
– Jörg 47137 Gabelsberger- 45
– Thorsten 47228 Otto-Schulenberg- 7
– Walter 47137 Hogenweg 3
Schwelm Hans-Jürgen
47259 Am Bruchgraben 14
– Karin 47259 Am Bruchgraben 14
– Maria 47166 Overbruck- 78
Schwemin Ernst
47137 Gartsträucher- 101
– Traute 47137 Gartsträucher- 101
Schwemm Karl 47139 Neander- 34
– Sabine 47059 Essenberger- 213b
– Walter 47139 Neander- 34
Schwemmer Achim
47166 Im Oberschlag 11
– Anne 47055 Wanheimer- 387
– Armin 47055 Wanheimer- 389
– Helmut 47057 Graben- 157
– Ilka 47055 Wanheimer- 387
– Katharina 47058 Schlegtendal- 5
– Lilli 47057 Graben- 157
– Renate 47055 Wanheimer- 389
– Tobias 47055 Fischer- 81
– Ulrich 47055 Wanheimer- 387
Schwencke Inge 47239 Bonert- 60
Firmen, Gewerbebetriebe usw. nach Namen – siehe gelber Teil	A-DU
